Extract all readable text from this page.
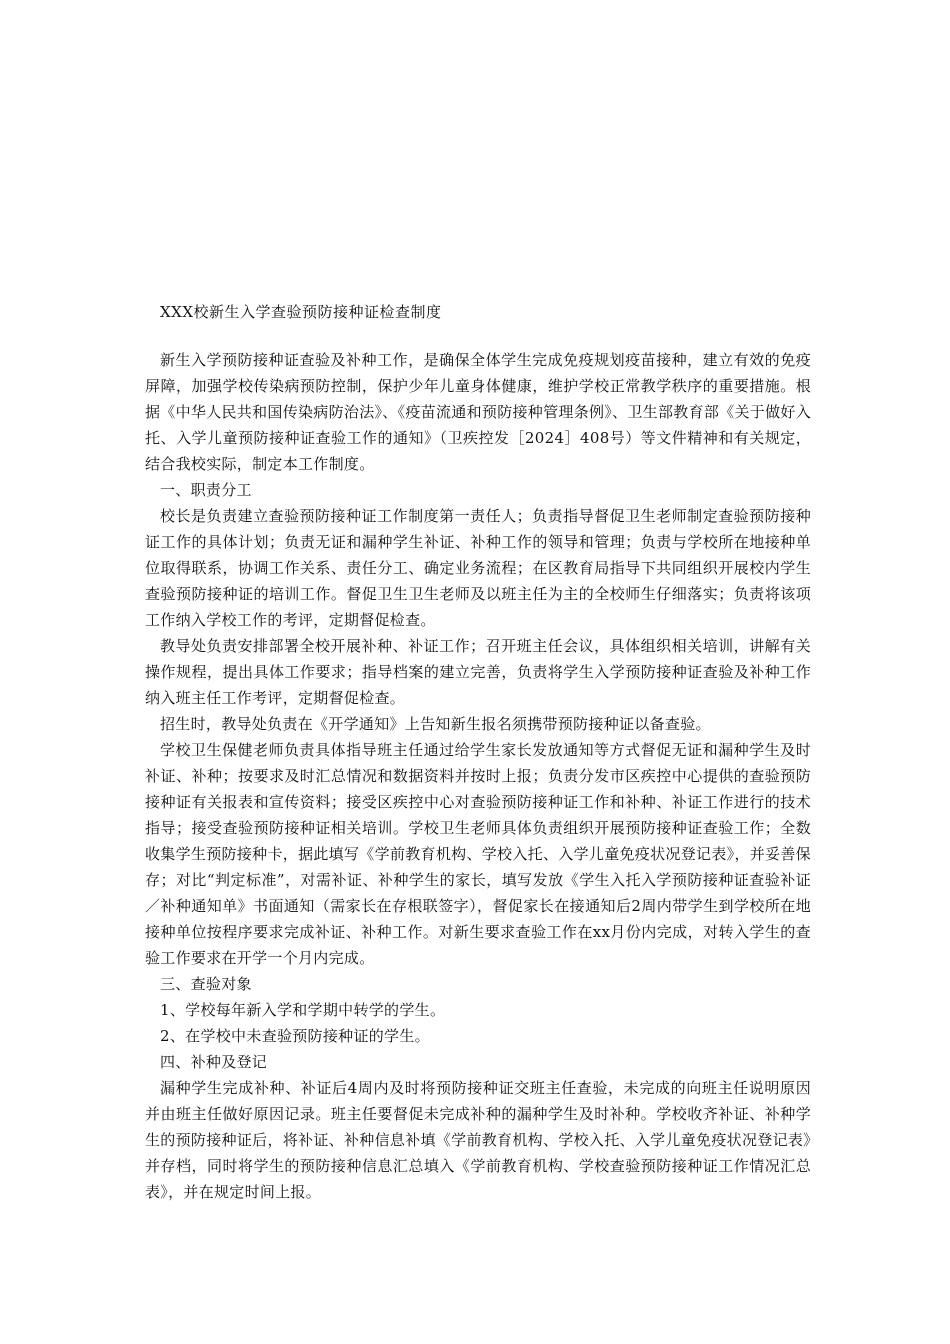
XXX校新生入学查验预防接种证检查制度

新生入学预防接种证查验及补种工作，是确保全体学生完成免疫规划疫苗接种，建立有效的免疫屏障，加强学校传染病预防控制，保护少年儿童身体健康，维护学校正常教学秩序的重要措施。根据《中华人民共和国传染病防治法》、《疫苗流通和预防接种管理条例》、卫生部教育部《关于做好入托、入学儿童预防接种证查验工作的通知》（卫疾控发［2024］408号）等文件精神和有关规定，结合我校实际，制定本工作制度。

一、职责分工

校长是负责建立查验预防接种证工作制度第一责任人；负责指导督促卫生老师制定查验预防接种证工作的具体计划；负责无证和漏种学生补证、补种工作的领导和管理；负责与学校所在地接种单位取得联系，协调工作关系、责任分工、确定业务流程；在区教育局指导下共同组织开展校内学生查验预防接种证的培训工作。督促卫生卫生老师及以班主任为主的全校师生仔细落实；负责将该项工作纳入学校工作的考评，定期督促检查。

教导处负责安排部署全校开展补种、补证工作；召开班主任会议，具体组织相关培训，讲解有关操作规程，提出具体工作要求；指导档案的建立完善，负责将学生入学预防接种证查验及补种工作纳入班主任工作考评，定期督促检查。

招生时，教导处负责在《开学通知》上告知新生报名须携带预防接种证以备查验。

学校卫生保健老师负责具体指导班主任通过给学生家长发放通知等方式督促无证和漏种学生及时补证、补种；按要求及时汇总情况和数据资料并按时上报；负责分发市区疾控中心提供的查验预防接种证有关报表和宣传资料；接受区疾控中心对查验预防接种证工作和补种、补证工作进行的技术指导；接受查验预防接种证相关培训。学校卫生老师具体负责组织开展预防接种证查验工作；全数收集学生预防接种卡，据此填写《学前教育机构、学校入托、入学儿童免疫状况登记表》，并妥善保存；对比“判定标准”，对需补证、补种学生的家长，填写发放《学生入托入学预防接种证查验补证／补种通知单》书面通知（需家长在存根联签字），督促家长在接通知后2周内带学生到学校所在地接种单位按程序要求完成补证、补种工作。对新生要求查验工作在xx月份内完成，对转入学生的查验工作要求在开学一个月内完成。

三、查验对象

1、学校每年新入学和学期中转学的学生。

2、在学校中未查验预防接种证的学生。

四、补种及登记

漏种学生完成补种、补证后4周内及时将预防接种证交班主任查验，未完成的向班主任说明原因并由班主任做好原因记录。班主任要督促未完成补种的漏种学生及时补种。学校收齐补证、补种学生的预防接种证后，将补证、补种信息补填《学前教育机构、学校入托、入学儿童免疫状况登记表》并存档，同时将学生的预防接种信息汇总填入《学前教育机构、学校查验预防接种证工作情况汇总表》，并在规定时间上报。
